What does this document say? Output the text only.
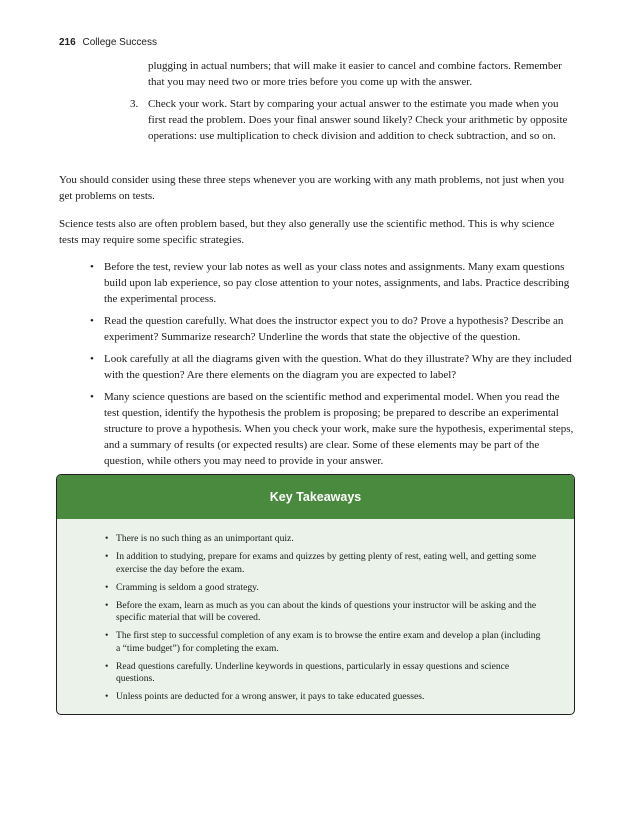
216 College Success
plugging in actual numbers; that will make it easier to cancel and combine factors. Remember that you may need two or more tries before you come up with the answer.
3. Check your work. Start by comparing your actual answer to the estimate you made when you first read the problem. Does your final answer sound likely? Check your arithmetic by opposite operations: use multiplication to check division and addition to check subtraction, and so on.
You should consider using these three steps whenever you are working with any math problems, not just when you get problems on tests.
Science tests also are often problem based, but they also generally use the scientific method. This is why science tests may require some specific strategies.
• Before the test, review your lab notes as well as your class notes and assignments. Many exam questions build upon lab experience, so pay close attention to your notes, assignments, and labs. Practice describing the experimental process.
• Read the question carefully. What does the instructor expect you to do? Prove a hypothesis? Describe an experiment? Summarize research? Underline the words that state the objective of the question.
• Look carefully at all the diagrams given with the question. What do they illustrate? Why are they included with the question? Are there elements on the diagram you are expected to label?
• Many science questions are based on the scientific method and experimental model. When you read the test question, identify the hypothesis the problem is proposing; be prepared to describe an experimental structure to prove a hypothesis. When you check your work, make sure the hypothesis, experimental steps, and a summary of results (or expected results) are clear. Some of these elements may be part of the question, while others you may need to provide in your answer.
Key Takeaways
• There is no such thing as an unimportant quiz.
• In addition to studying, prepare for exams and quizzes by getting plenty of rest, eating well, and getting some exercise the day before the exam.
• Cramming is seldom a good strategy.
• Before the exam, learn as much as you can about the kinds of questions your instructor will be asking and the specific material that will be covered.
• The first step to successful completion of any exam is to browse the entire exam and develop a plan (including a “time budget”) for completing the exam.
• Read questions carefully. Underline keywords in questions, particularly in essay questions and science questions.
• Unless points are deducted for a wrong answer, it pays to take educated guesses.
